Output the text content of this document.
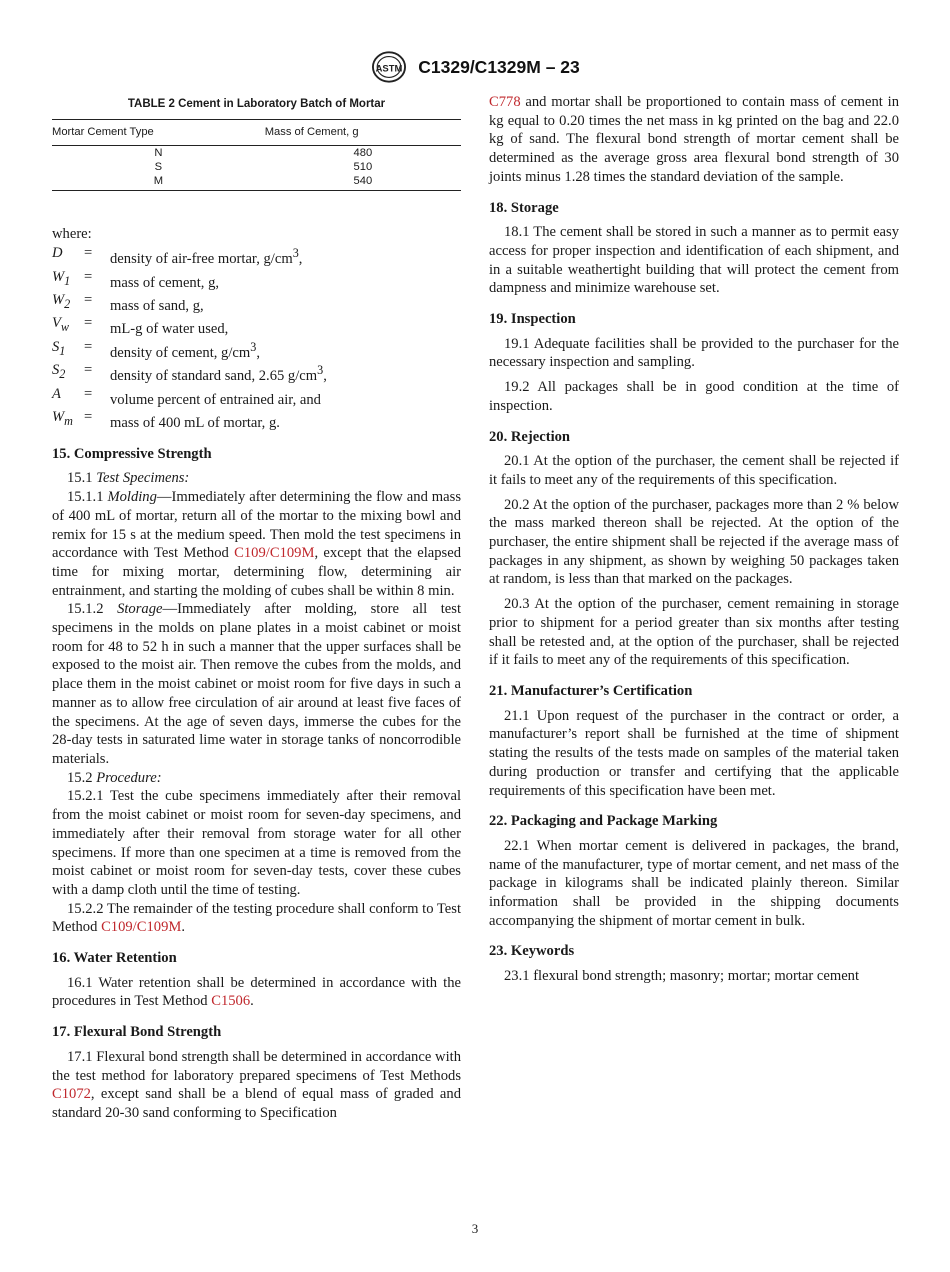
ASTM C1329/C1329M – 23
TABLE 2 Cement in Laboratory Batch of Mortar
Mortar Cement Type	Mass of Cement, g
N	480
S	510
M	540

where:

D	=	density of air-free mortar, $g/cm^3$,
$W_1$ =	mass of cement, g,
$W_2$ =	mass of sand, g,
$V_w$	=	mL-g of water used,
$S_1$	=	density of cement, $g/cm^3$,
$S_2$	=	density of standard sand, 2.65 $g/cm^3$,
A	=	volume percent of entrained air, and
$W_m$ =	mass of 400 mL of mortar, g.
15. Compressive Strength

15.1 Test Specimens:

15.1.1 Molding—Immediately after determining the flow and mass of 400 mL of mortar, return all of the mortar to the mixing bowl and remix for 15 s at the medium speed. Then mold the test specimens in accordance with Test Method C109/C109M, except that the elapsed time for mixing mortar, determining flow, determining air entrainment, and starting the molding of cubes shall be within 8 min.

15.1.2 Storage—Immediately after molding, store all test specimens in the molds on plane plates in a moist cabinet or moist room for 48 to 52 h in such a manner that the upper surfaces shall be exposed to the moist air. Then remove the cubes from the molds, and place them in the moist cabinet or moist room for five days in such a manner as to allow free circulation of air around at least five faces of the specimens. At the age of seven days, immerse the cubes for the 28-day tests in saturated lime water in storage tanks of noncorrodible materials.

15.2 Procedure:

15.2.1 Test the cube specimens immediately after their removal from the moist cabinet or moist room for seven-day specimens, and immediately after their removal from storage water for all other specimens. If more than one specimen at a time is removed from the moist cabinet or moist room for seven-day tests, cover these cubes with a damp cloth until the time of testing.

15.2.2 The remainder of the testing procedure shall conform to Test Method C109/C109M.

16. Water Retention

16.1 Water retention shall be determined in accordance with the procedures in Test Method C1506.

17. Flexural Bond Strength

17.1 Flexural bond strength shall be determined in accordance with the test method for laboratory prepared specimens of Test Methods C1072, except sand shall be a blend of equal mass of graded and standard 20-30 sand conforming to Specification

C778 and mortar shall be proportioned to contain mass of cement in kg equal to 0.20 times the net mass in kg printed on the bag and 22.0 kg of sand. The flexural bond strength of mortar cement shall be determined as the average gross area flexural bond strength of 30 joints minus 1.28 times the standard deviation of the sample.

18. Storage

18.1 The cement shall be stored in such a manner as to permit easy access for proper inspection and identification of each shipment, and in a suitable weathertight building that will protect the cement from dampness and minimize warehouse set.

19. Inspection

19.1 Adequate facilities shall be provided to the purchaser for the necessary inspection and sampling.

19.2 All packages shall be in good condition at the time of inspection.

20. Rejection

20.1 At the option of the purchaser, the cement shall be rejected if it fails to meet any of the requirements of this specification.

20.2 At the option of the purchaser, packages more than 2 % below the mass marked thereon shall be rejected. At the option of the purchaser, the entire shipment shall be rejected if the average mass of packages in any shipment, as shown by weighing 50 packages taken at random, is less than that marked on the packages.

20.3 At the option of the purchaser, cement remaining in storage prior to shipment for a period greater than six months after testing shall be retested and, at the option of the purchaser, shall be rejected if it fails to meet any of the requirements of this specification.

21. Manufacturer’s Certification

21.1 Upon request of the purchaser in the contract or order, a manufacturer’s report shall be furnished at the time of shipment stating the results of the tests made on samples of the material taken during production or transfer and certifying that the applicable requirements of this specification have been met.

22. Packaging and Package Marking

22.1 When mortar cement is delivered in packages, the brand, name of the manufacturer, type of mortar cement, and net mass of the package in kilograms shall be indicated plainly thereon. Similar information shall be provided in the shipping documents accompanying the shipment of mortar cement in bulk.

23. Keywords

23.1 flexural bond strength; masonry; mortar; mortar cement

3
